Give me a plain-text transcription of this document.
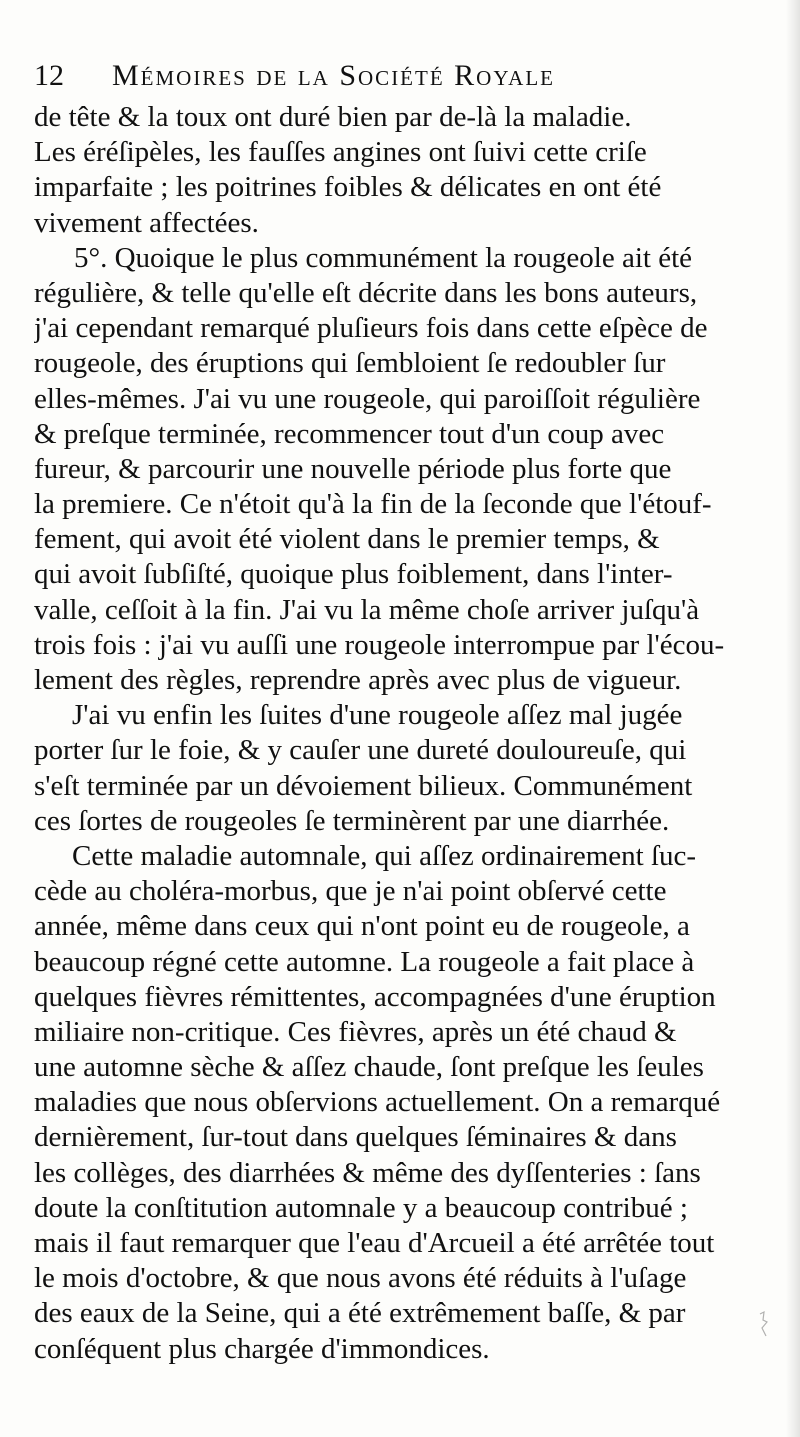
12 Mémoires de la Société Royale
de tête & la toux ont duré bien par de-là la maladie.
Les éréſipèles, les fauſſes angines ont ſuivi cette criſe
imparfaite ; les poitrines foibles & délicates en ont été
vivement affectées.
5°. Quoique le plus communément la rougeole ait été
régulière, & telle qu'elle eſt décrite dans les bons auteurs,
j'ai cependant remarqué pluſieurs fois dans cette eſpèce de
rougeole, des éruptions qui ſembloient ſe redoubler ſur
elles-mêmes. J'ai vu une rougeole, qui paroiſſoit régulière
& preſque terminée, recommencer tout d'un coup avec
fureur, & parcourir une nouvelle période plus forte que
la premiere. Ce n'étoit qu'à la fin de la ſeconde que l'étouf-
fement, qui avoit été violent dans le premier temps, &
qui avoit ſubſiſté, quoique plus foiblement, dans l'inter-
valle, ceſſoit à la fin. J'ai vu la même choſe arriver juſqu'à
trois fois : j'ai vu auſſi une rougeole interrompue par l'écou-
lement des règles, reprendre après avec plus de vigueur.
J'ai vu enfin les ſuites d'une rougeole aſſez mal jugée
porter ſur le foie, & y cauſer une dureté douloureuſe, qui
s'eſt terminée par un dévoiement bilieux. Communément
ces ſortes de rougeoles ſe terminèrent par une diarrhée.
Cette maladie automnale, qui aſſez ordinairement ſuc-
cède au choléra-morbus, que je n'ai point obſervé cette
année, même dans ceux qui n'ont point eu de rougeole, a
beaucoup régné cette automne. La rougeole a fait place à
quelques fièvres rémittentes, accompagnées d'une éruption
miliaire non-critique. Ces fièvres, après un été chaud &
une automne sèche & aſſez chaude, ſont preſque les ſeules
maladies que nous obſervions actuellement. On a remarqué
dernièrement, ſur-tout dans quelques ſéminaires & dans
les collèges, des diarrhées & même des dyſſenteries : ſans
doute la conſtitution automnale y a beaucoup contribué ;
mais il faut remarquer que l'eau d'Arcueil a été arrêtée tout
le mois d'octobre, & que nous avons été réduits à l'uſage
des eaux de la Seine, qui a été extrêmement baſſe, & par
conſéquent plus chargée d'immondices.
